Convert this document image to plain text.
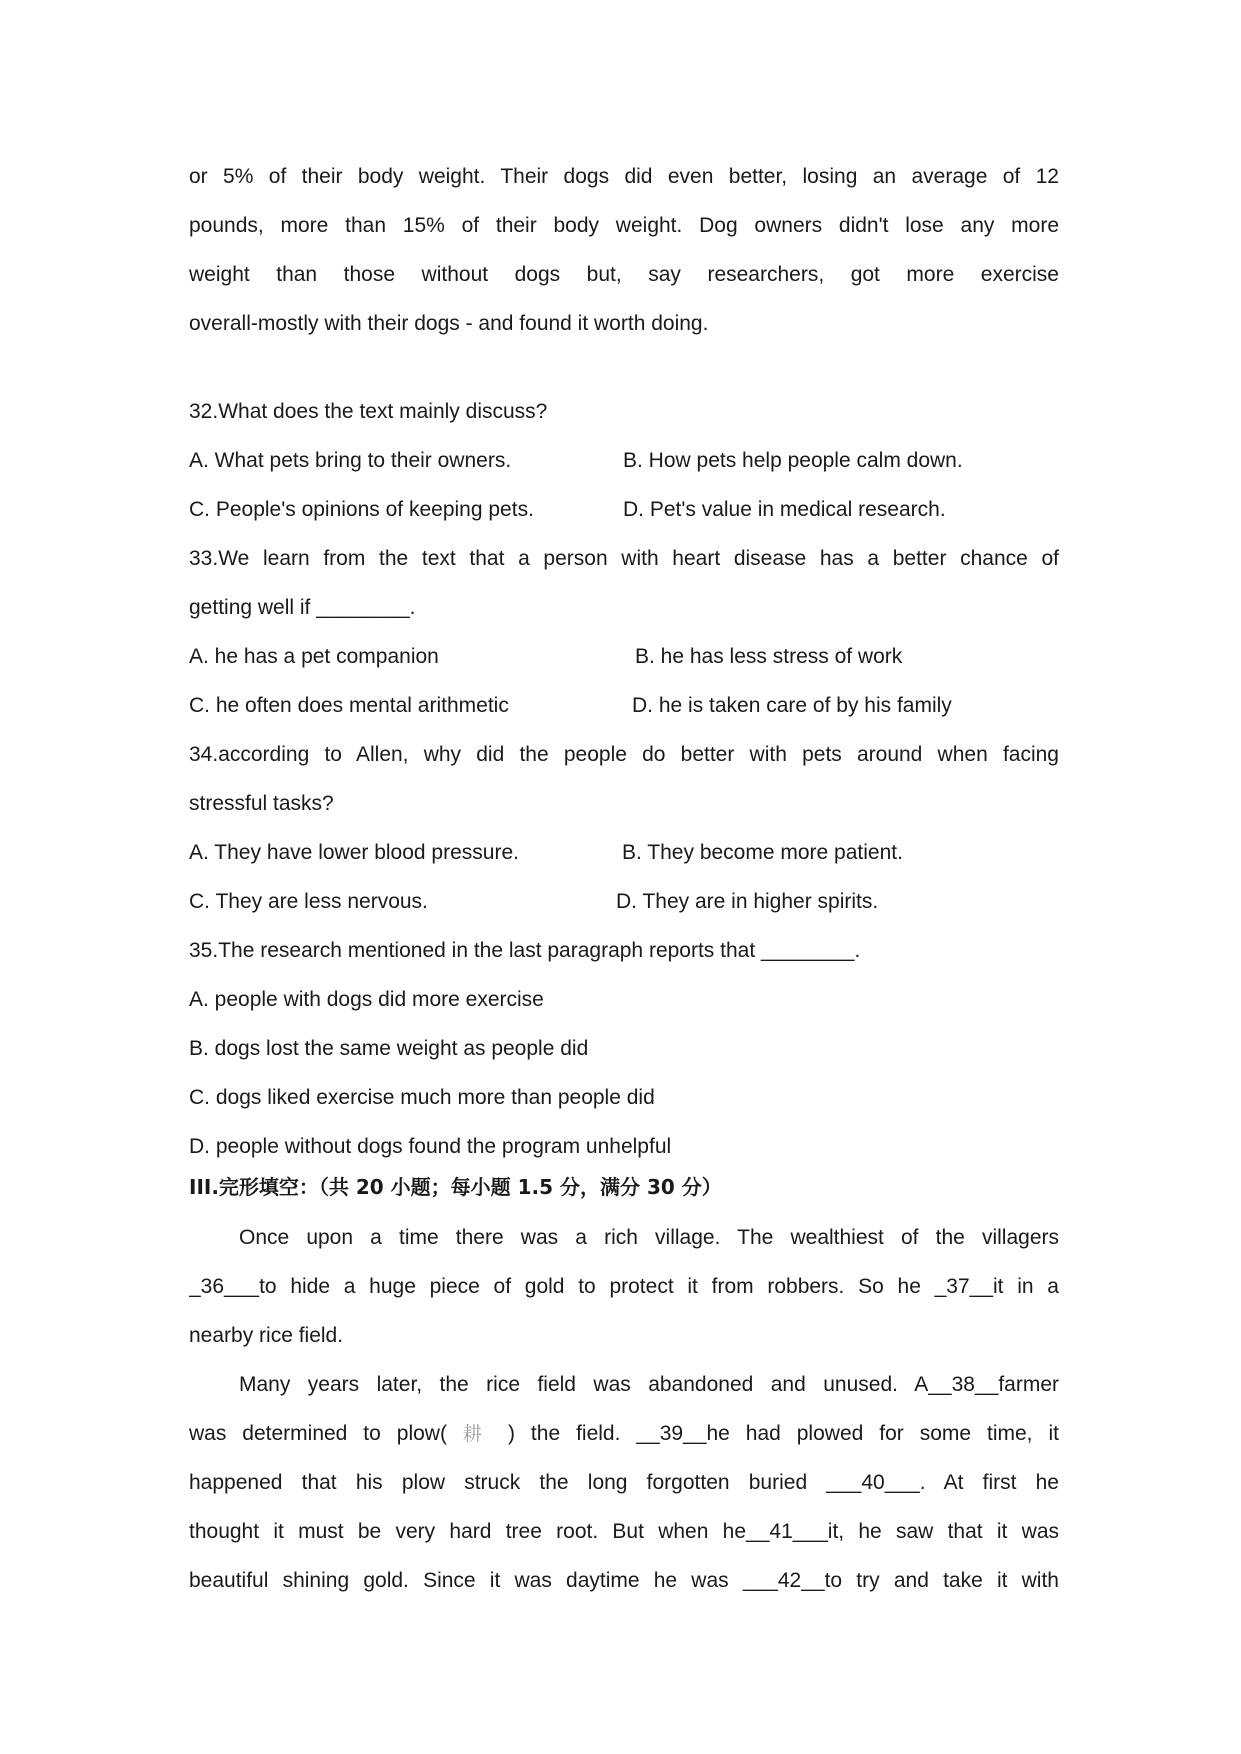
or 5% of their body weight. Their dogs did even better, losing an average of 12
pounds, more than 15% of their body weight. Dog owners didn't lose any more
weight than those without dogs but, say researchers, got more exercise
overall-mostly with their dogs - and found it worth doing.
32.What does the text mainly discuss?
A. What pets bring to their owners.	B. How pets help people calm down.
C. People's opinions of keeping pets.	D. Pet's value in medical research.
33.We learn from the text that a person with heart disease has a better chance of
getting well if ________.
A. he has a pet companion	B. he has less stress of work
C. he often does mental arithmetic	D. he is taken care of by his family
34.according to Allen, why did the people do better with pets around when facing
stressful tasks?
A. They have lower blood pressure.	B. They become more patient.
C. They are less nervous.	D. They are in higher spirits.
35.The research mentioned in the last paragraph reports that ________.
A. people with dogs did more exercise
B. dogs lost the same weight as people did
C. dogs liked exercise much more than people did
D. people without dogs found the program unhelpful
III.完形填空：（共 20 小题；每小题 1.5 分，满分 30 分）
Once upon a time there was a rich village. The wealthiest of the villagers
_36___to hide a huge piece of gold to protect it from robbers. So he _37__it in a
nearby rice field.
Many years later, the rice field was abandoned and unused. A__38__farmer
was determined to plow( 耕 ) the field. __39__he had plowed for some time, it
happened that his plow struck the long forgotten buried ___40___. At first he
thought it must be very hard tree root. But when he__41___it, he saw that it was
beautiful shining gold. Since it was daytime he was ___42__to try and take it with
